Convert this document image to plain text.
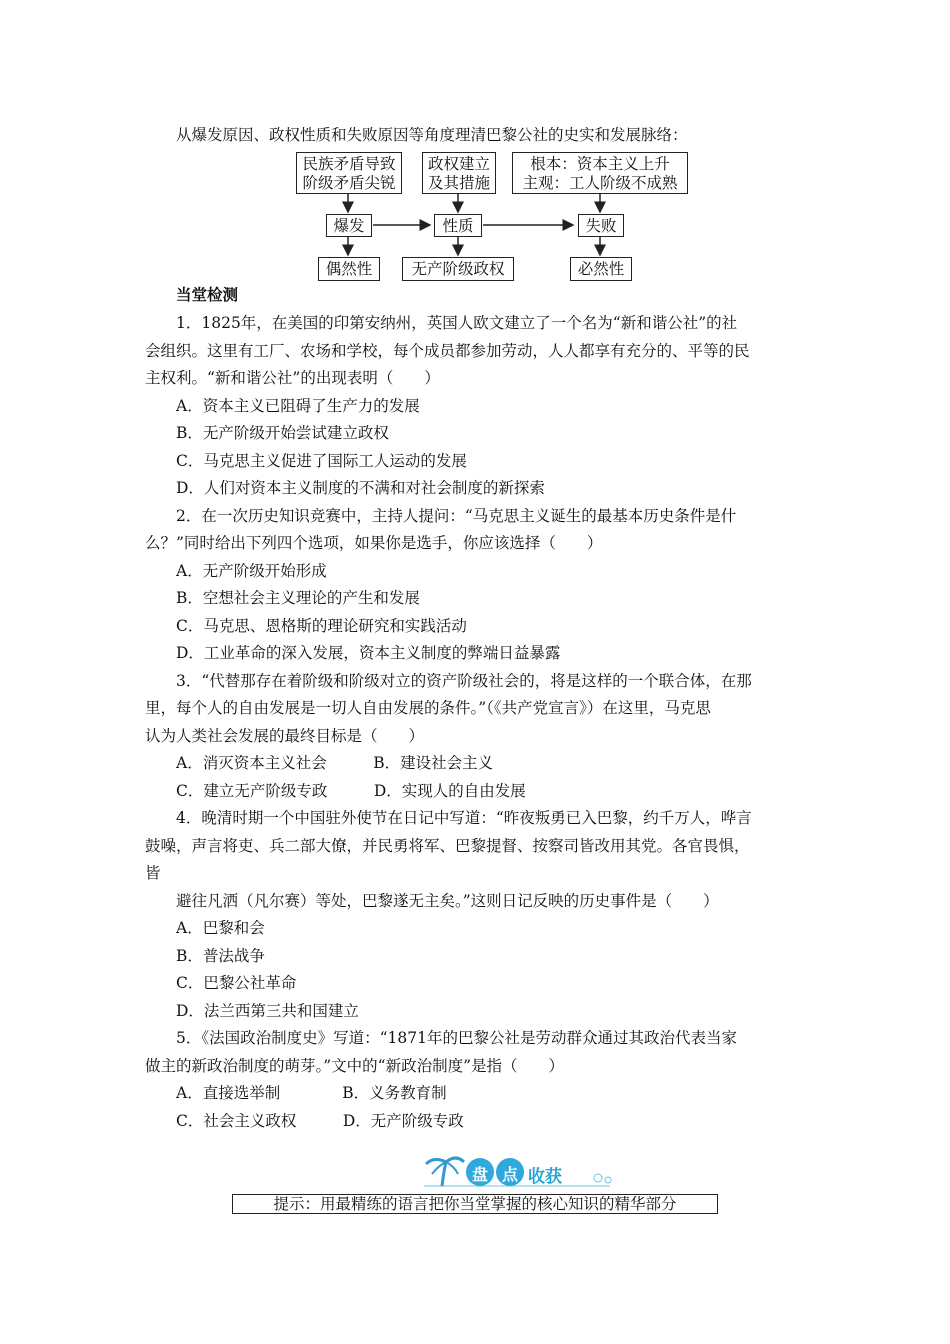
从爆发原因、政权性质和失败原因等角度理清巴黎公社的史实和发展脉络：
民族矛盾导致
阶级矛盾尖锐
政权建立
及其措施
根本：资本主义上升
主观：工人阶级不成熟
爆发	性质	失败
偶然性	无产阶级政权	必然性
当堂检测
1．1825年，在美国的印第安纳州，英国人欧文建立了一个名为“新和谐公社”的社
会组织。这里有工厂、农场和学校，每个成员都参加劳动，人人都享有充分的、平等的民
主权利。“新和谐公社”的出现表明（　　）
A．资本主义已阻碍了生产力的发展
B．无产阶级开始尝试建立政权
C．马克思主义促进了国际工人运动的发展
D．人们对资本主义制度的不满和对社会制度的新探索
2．在一次历史知识竞赛中，主持人提问：“马克思主义诞生的最基本历史条件是什
么？”同时给出下列四个选项，如果你是选手，你应该选择（　　）
A．无产阶级开始形成
B．空想社会主义理论的产生和发展
C．马克思、恩格斯的理论研究和实践活动
D．工业革命的深入发展，资本主义制度的弊端日益暴露
3．“代替那存在着阶级和阶级对立的资产阶级社会的，将是这样的一个联合体，在那
里，每个人的自由发展是一切人自由发展的条件。”（《共产党宣言》）在这里，马克思
认为人类社会发展的最终目标是（　　）
A．消灭资本主义社会　　　B．建设社会主义
C．建立无产阶级专政　　　D．实现人的自由发展
4．晚清时期一个中国驻外使节在日记中写道：“昨夜叛勇已入巴黎，约千万人，哗言
鼓噪，声言将吏、兵二部大僚，并民勇将军、巴黎提督、按察司皆改用其党。各官畏惧，
皆
避往凡洒（凡尔赛）等处，巴黎遂无主矣。”这则日记反映的历史事件是（　　）
A．巴黎和会
B．普法战争
C．巴黎公社革命
D．法兰西第三共和国建立
5．《法国政治制度史》写道：“1871年的巴黎公社是劳动群众通过其政治代表当家
做主的新政治制度的萌芽。”文中的“新政治制度”是指（　　）
A．直接选举制　　　　B．义务教育制
C．社会主义政权　　　D．无产阶级专政
盘 点 收获
提示：用最精练的语言把你当堂掌握的核心知识的精华部分
